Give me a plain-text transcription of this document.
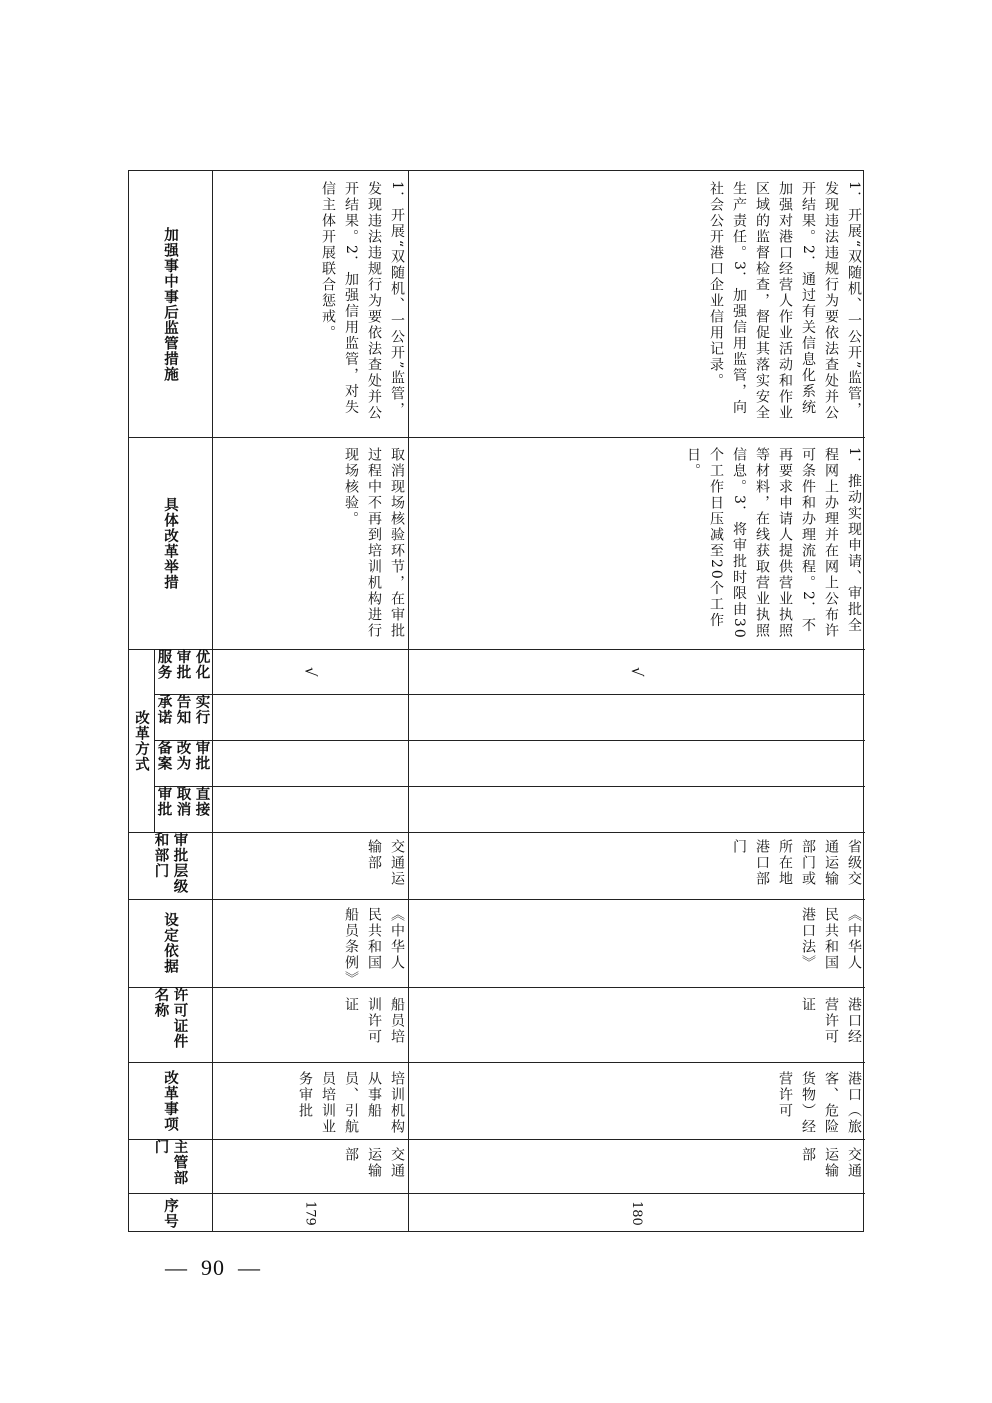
序号
主管部门
改革事项
许可证件名称
设定依据
审批层级和部门
改革方式
直接取消审批
审批改为备案
实行告知承诺
优化审批服务
具体改革举措
加强事中事后监管措施
179
交通运输部
培训机构从事船员、引航员培训业务审批
船员培训许可证
《中华人民共和国船员条例》
交通运输部
√
取消现场核验环节，在审批过程中不再到培训机构进行现场核验。
1．开展“双随机、一公开”监管，发现违法违规行为要依法查处并公开结果。2．加强信用监管，对失信主体开展联合惩戒。
180
交通运输部
港口（旅客、危险货物）经营许可
港口经营许可证
《中华人民共和国港口法》
省级交通运输部门或所在地港口部门
√
1．推动实现申请、审批全程网上办理并在网上公布许可条件和办理流程。2．不再要求申请人提供营业执照等材料，在线获取营业执照信息。3．将审批时限由30个工作日压减至20个工作日。
1．开展“双随机、一公开”监管，发现违法违规行为要依法查处并公开结果。2．通过有关信息化系统加强对港口经营人作业活动和作业区域的监督检查，督促其落实安全生产责任。3．加强信用监管，向社会公开港口企业信用记录。
—  90  —
